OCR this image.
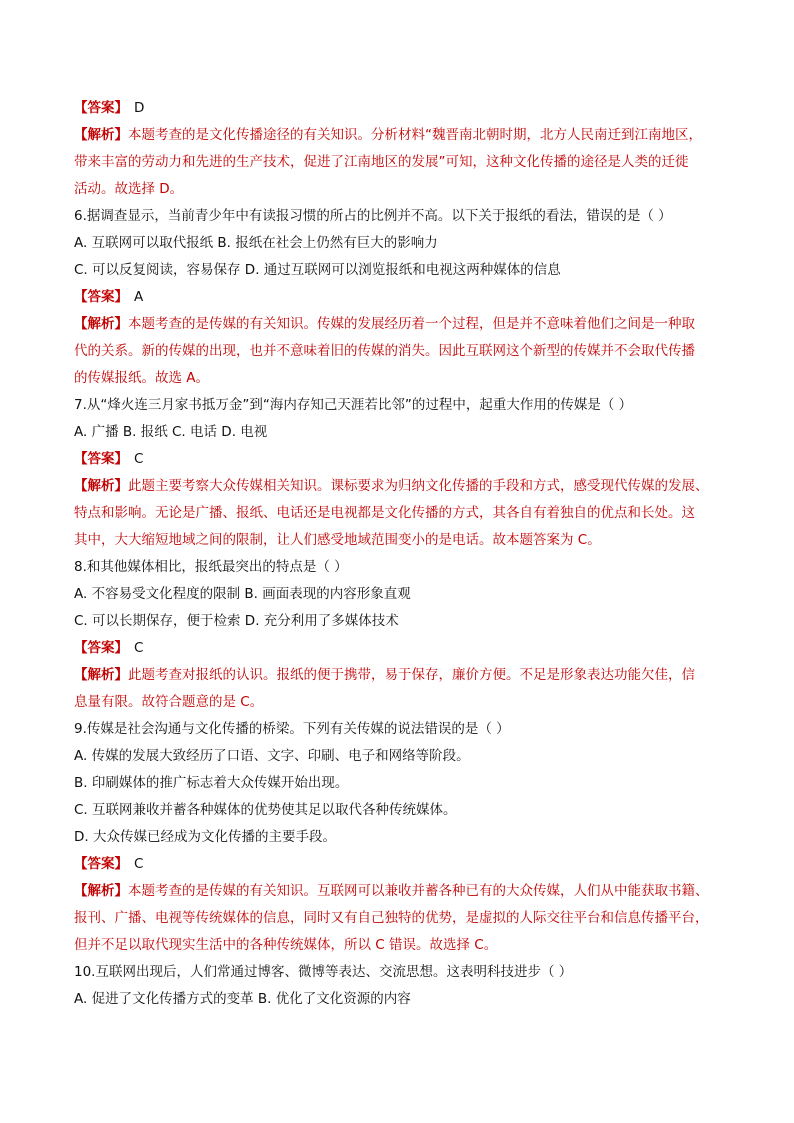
【答案】 D
【解析】本题考查的是文化传播途径的有关知识。分析材料“魏晋南北朝时期，北方人民南迁到江南地区，
带来丰富的劳动力和先进的生产技术，促进了江南地区的发展”可知，这种文化传播的途径是人类的迁徙
活动。故选择 D。
6.据调查显示，当前青少年中有读报习惯的所占的比例并不高。以下关于报纸的看法，错误的是（ ）
A. 互联网可以取代报纸 B. 报纸在社会上仍然有巨大的影响力
C. 可以反复阅读，容易保存 D. 通过互联网可以浏览报纸和电视这两种媒体的信息
【答案】 A
【解析】本题考查的是传媒的有关知识。传媒的发展经历着一个过程，但是并不意味着他们之间是一种取
代的关系。新的传媒的出现，也并不意味着旧的传媒的消失。因此互联网这个新型的传媒并不会取代传播
的传媒报纸。故选 A。
7.从“烽火连三月家书抵万金”到“海内存知己天涯若比邻”的过程中，起重大作用的传媒是（ ）
A. 广播 B. 报纸 C. 电话 D. 电视
【答案】 C
【解析】此题主要考察大众传媒相关知识。课标要求为归纳文化传播的手段和方式，感受现代传媒的发展、
特点和影响。无论是广播、报纸、电话还是电视都是文化传播的方式，其各自有着独自的优点和长处。这
其中，大大缩短地域之间的限制，让人们感受地域范围变小的是电话。故本题答案为 C。
8.和其他媒体相比，报纸最突出的特点是（ ）
A. 不容易受文化程度的限制 B. 画面表现的内容形象直观
C. 可以长期保存，便于检索 D. 充分利用了多媒体技术
【答案】 C
【解析】此题考查对报纸的认识。报纸的便于携带，易于保存，廉价方便。不足是形象表达功能欠佳，信
息量有限。故符合题意的是 C。
9.传媒是社会沟通与文化传播的桥梁。下列有关传媒的说法错误的是（ ）
A. 传媒的发展大致经历了口语、文字、印刷、电子和网络等阶段。
B. 印刷媒体的推广标志着大众传媒开始出现。
C. 互联网兼收并蓄各种媒体的优势使其足以取代各种传统媒体。
D. 大众传媒已经成为文化传播的主要手段。
【答案】 C
【解析】本题考查的是传媒的有关知识。互联网可以兼收并蓄各种已有的大众传媒，人们从中能获取书籍、
报刊、广播、电视等传统媒体的信息，同时又有自己独特的优势，是虚拟的人际交往平台和信息传播平台，
但并不足以取代现实生活中的各种传统媒体，所以 C 错误。故选择 C。
10.互联网出现后，人们常通过博客、微博等表达、交流思想。这表明科技进步（ ）
A. 促进了文化传播方式的变革 B. 优化了文化资源的内容
